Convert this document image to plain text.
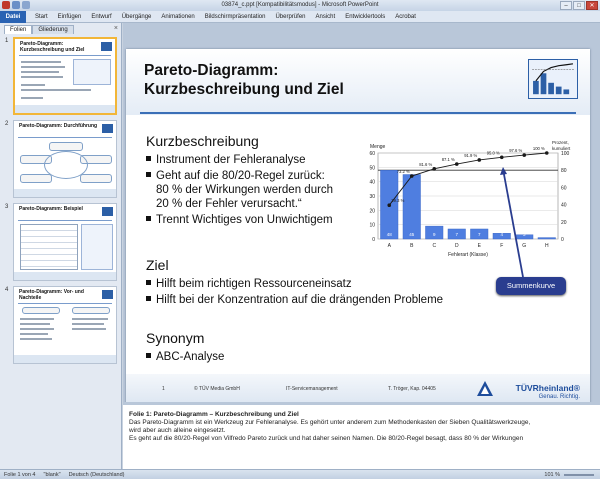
03874_c.ppt [Kompatibilitätsmodus] - Microsoft PowerPoint	–	□	✕
Datei	Start	Einfügen	Entwurf	Übergänge	Animationen	Bildschirmpräsentation	Überprüfen	Ansicht	Entwicklertools	Acrobat
Folien	Gliederung	×
1 Pareto-Diagramm: Kurzbeschreibung und Ziel
2 Pareto-Diagramm: Durchführung
3 Pareto-Diagramm: Beispiel
4 Pareto-Diagramm: Vor- und Nachteile
Pareto-Diagramm:
Kurzbeschreibung und Ziel
Kurzbeschreibung
Instrument der Fehleranalyse
Geht auf die 80/20-Regel zurück:
80 % der Wirkungen werden durch
20 % der Fehler verursacht.“
Trennt Wichtiges von Unwichtigem
Ziel
Hilft beim richtigen Ressourceneinsatz
Hilft bei der Konzentration auf die drängenden Probleme
Synonym
ABC-Analyse
0
10
20
30
40
50
60
0
20
40
60
80
100
Menge
Prozent,
kumuliert
48
A
45
B
9
C
7
D
7
E
4
F
3
G
1
H
39.3 %
73.2 %
81.6 %
87.1 %
91.9 %
95.0 % 97.6 %	100 %
Fehlerart (Klasse)
Summenkurve
1	© TÜV Media GmbH	IT-Servicemanagement	T. Tröger, Kap. 04405	TÜVRheinland®
Genau. Richtig.
Folie 1: Pareto-Diagramm – Kurzbeschreibung und Ziel
Das Pareto-Diagramm ist ein Werkzeug zur Fehleranalyse. Es gehört unter anderem zum Methodenkasten der Sieben Qualitätswerkzeuge,
wird aber auch alleine eingesetzt.
Es geht auf die 80/20-Regel von Vilfredo Pareto zurück und hat daher seinen Namen. Die 80/20-Regel besagt, dass 80 % der Wirkungen
Folie 1 von 4 "blank" Deutsch (Deutschland)	101 %
